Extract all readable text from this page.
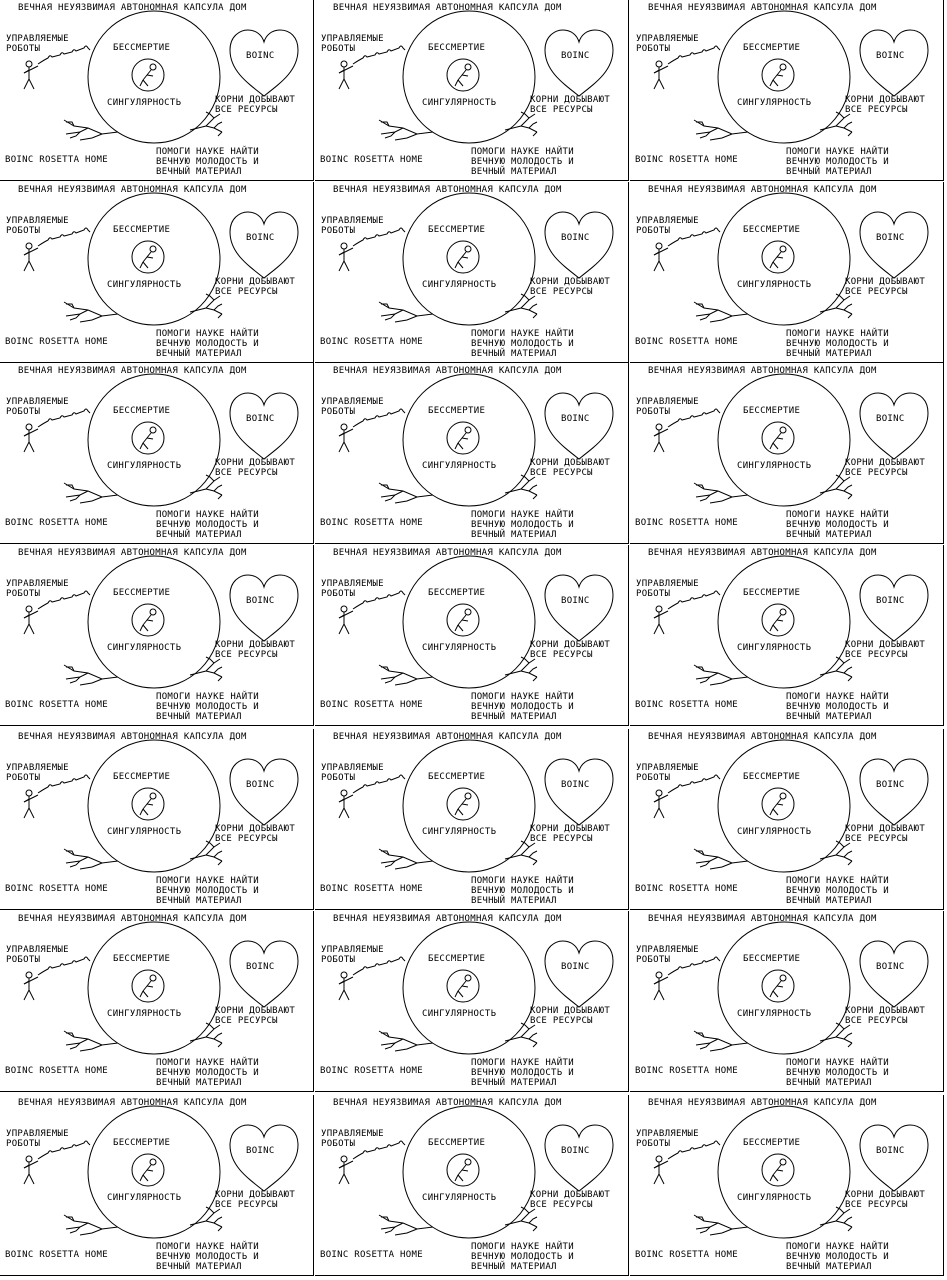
ВЕЧНАЯ НЕУЯЗВИМАЯ АВТОНОМНАЯ КАПСУЛА ДОМ
УПРАВЛЯЕМЫЕ
РОБОТЫ	БЕССМЕРТИЕ
СИНГУЛЯРНОСТЬ
BOINC
КОРНИ ДОБЫВАЮТ
ВСЕ РЕСУРСЫ
BOINC ROSETTA HOME
ПОМОГИ НАУКЕ НАЙТИ
ВЕЧНУЮ МОЛОДОСТЬ И
ВЕЧНЫЙ МАТЕРИАЛ
ВЕЧНАЯ НЕУЯЗВИМАЯ АВТОНОМНАЯ КАПСУЛА ДОМ
УПРАВЛЯЕМЫЕ
РОБОТЫ	БЕССМЕРТИЕ
СИНГУЛЯРНОСТЬ
BOINC
КОРНИ ДОБЫВАЮТ
ВСЕ РЕСУРСЫ
BOINC ROSETTA HOME
ПОМОГИ НАУКЕ НАЙТИ
ВЕЧНУЮ МОЛОДОСТЬ И
ВЕЧНЫЙ МАТЕРИАЛ
ВЕЧНАЯ НЕУЯЗВИМАЯ АВТОНОМНАЯ КАПСУЛА ДОМ
УПРАВЛЯЕМЫЕ
РОБОТЫ	БЕССМЕРТИЕ
СИНГУЛЯРНОСТЬ
BOINC
КОРНИ ДОБЫВАЮТ
ВСЕ РЕСУРСЫ
BOINC ROSETTA HOME
ПОМОГИ НАУКЕ НАЙТИ
ВЕЧНУЮ МОЛОДОСТЬ И
ВЕЧНЫЙ МАТЕРИАЛ
ВЕЧНАЯ НЕУЯЗВИМАЯ АВТОНОМНАЯ КАПСУЛА ДОМ
УПРАВЛЯЕМЫЕ
РОБОТЫ	БЕССМЕРТИЕ
СИНГУЛЯРНОСТЬ
BOINC
КОРНИ ДОБЫВАЮТ
ВСЕ РЕСУРСЫ
BOINC ROSETTA HOME
ПОМОГИ НАУКЕ НАЙТИ
ВЕЧНУЮ МОЛОДОСТЬ И
ВЕЧНЫЙ МАТЕРИАЛ
ВЕЧНАЯ НЕУЯЗВИМАЯ АВТОНОМНАЯ КАПСУЛА ДОМ
УПРАВЛЯЕМЫЕ
РОБОТЫ	БЕССМЕРТИЕ
СИНГУЛЯРНОСТЬ
BOINC
КОРНИ ДОБЫВАЮТ
ВСЕ РЕСУРСЫ
BOINC ROSETTA HOME
ПОМОГИ НАУКЕ НАЙТИ
ВЕЧНУЮ МОЛОДОСТЬ И
ВЕЧНЫЙ МАТЕРИАЛ
ВЕЧНАЯ НЕУЯЗВИМАЯ АВТОНОМНАЯ КАПСУЛА ДОМ
УПРАВЛЯЕМЫЕ
РОБОТЫ	БЕССМЕРТИЕ
СИНГУЛЯРНОСТЬ
BOINC
КОРНИ ДОБЫВАЮТ
ВСЕ РЕСУРСЫ
BOINC ROSETTA HOME
ПОМОГИ НАУКЕ НАЙТИ
ВЕЧНУЮ МОЛОДОСТЬ И
ВЕЧНЫЙ МАТЕРИАЛ
ВЕЧНАЯ НЕУЯЗВИМАЯ АВТОНОМНАЯ КАПСУЛА ДОМ
УПРАВЛЯЕМЫЕ
РОБОТЫ	БЕССМЕРТИЕ
СИНГУЛЯРНОСТЬ
BOINC
КОРНИ ДОБЫВАЮТ
ВСЕ РЕСУРСЫ
BOINC ROSETTA HOME
ПОМОГИ НАУКЕ НАЙТИ
ВЕЧНУЮ МОЛОДОСТЬ И
ВЕЧНЫЙ МАТЕРИАЛ
ВЕЧНАЯ НЕУЯЗВИМАЯ АВТОНОМНАЯ КАПСУЛА ДОМ
УПРАВЛЯЕМЫЕ
РОБОТЫ	БЕССМЕРТИЕ
СИНГУЛЯРНОСТЬ
BOINC
КОРНИ ДОБЫВАЮТ
ВСЕ РЕСУРСЫ
BOINC ROSETTA HOME
ПОМОГИ НАУКЕ НАЙТИ
ВЕЧНУЮ МОЛОДОСТЬ И
ВЕЧНЫЙ МАТЕРИАЛ
ВЕЧНАЯ НЕУЯЗВИМАЯ АВТОНОМНАЯ КАПСУЛА ДОМ
УПРАВЛЯЕМЫЕ
РОБОТЫ	БЕССМЕРТИЕ
СИНГУЛЯРНОСТЬ
BOINC
КОРНИ ДОБЫВАЮТ
ВСЕ РЕСУРСЫ
BOINC ROSETTA HOME
ПОМОГИ НАУКЕ НАЙТИ
ВЕЧНУЮ МОЛОДОСТЬ И
ВЕЧНЫЙ МАТЕРИАЛ
ВЕЧНАЯ НЕУЯЗВИМАЯ АВТОНОМНАЯ КАПСУЛА ДОМ
УПРАВЛЯЕМЫЕ
РОБОТЫ	БЕССМЕРТИЕ
СИНГУЛЯРНОСТЬ
BOINC
КОРНИ ДОБЫВАЮТ
ВСЕ РЕСУРСЫ
BOINC ROSETTA HOME
ПОМОГИ НАУКЕ НАЙТИ
ВЕЧНУЮ МОЛОДОСТЬ И
ВЕЧНЫЙ МАТЕРИАЛ
ВЕЧНАЯ НЕУЯЗВИМАЯ АВТОНОМНАЯ КАПСУЛА ДОМ
УПРАВЛЯЕМЫЕ
РОБОТЫ	БЕССМЕРТИЕ
СИНГУЛЯРНОСТЬ
BOINC
КОРНИ ДОБЫВАЮТ
ВСЕ РЕСУРСЫ
BOINC ROSETTA HOME
ПОМОГИ НАУКЕ НАЙТИ
ВЕЧНУЮ МОЛОДОСТЬ И
ВЕЧНЫЙ МАТЕРИАЛ
ВЕЧНАЯ НЕУЯЗВИМАЯ АВТОНОМНАЯ КАПСУЛА ДОМ
УПРАВЛЯЕМЫЕ
РОБОТЫ	БЕССМЕРТИЕ
СИНГУЛЯРНОСТЬ
BOINC
КОРНИ ДОБЫВАЮТ
ВСЕ РЕСУРСЫ
BOINC ROSETTA HOME
ПОМОГИ НАУКЕ НАЙТИ
ВЕЧНУЮ МОЛОДОСТЬ И
ВЕЧНЫЙ МАТЕРИАЛ
ВЕЧНАЯ НЕУЯЗВИМАЯ АВТОНОМНАЯ КАПСУЛА ДОМ
УПРАВЛЯЕМЫЕ
РОБОТЫ	БЕССМЕРТИЕ
СИНГУЛЯРНОСТЬ
BOINC
КОРНИ ДОБЫВАЮТ
ВСЕ РЕСУРСЫ
BOINC ROSETTA HOME
ПОМОГИ НАУКЕ НАЙТИ
ВЕЧНУЮ МОЛОДОСТЬ И
ВЕЧНЫЙ МАТЕРИАЛ
ВЕЧНАЯ НЕУЯЗВИМАЯ АВТОНОМНАЯ КАПСУЛА ДОМ
УПРАВЛЯЕМЫЕ
РОБОТЫ	БЕССМЕРТИЕ
СИНГУЛЯРНОСТЬ
BOINC
КОРНИ ДОБЫВАЮТ
ВСЕ РЕСУРСЫ
BOINC ROSETTA HOME
ПОМОГИ НАУКЕ НАЙТИ
ВЕЧНУЮ МОЛОДОСТЬ И
ВЕЧНЫЙ МАТЕРИАЛ
ВЕЧНАЯ НЕУЯЗВИМАЯ АВТОНОМНАЯ КАПСУЛА ДОМ
УПРАВЛЯЕМЫЕ
РОБОТЫ	БЕССМЕРТИЕ
СИНГУЛЯРНОСТЬ
BOINC
КОРНИ ДОБЫВАЮТ
ВСЕ РЕСУРСЫ
BOINC ROSETTA HOME
ПОМОГИ НАУКЕ НАЙТИ
ВЕЧНУЮ МОЛОДОСТЬ И
ВЕЧНЫЙ МАТЕРИАЛ
ВЕЧНАЯ НЕУЯЗВИМАЯ АВТОНОМНАЯ КАПСУЛА ДОМ
УПРАВЛЯЕМЫЕ
РОБОТЫ	БЕССМЕРТИЕ
СИНГУЛЯРНОСТЬ
BOINC
КОРНИ ДОБЫВАЮТ
ВСЕ РЕСУРСЫ
BOINC ROSETTA HOME
ПОМОГИ НАУКЕ НАЙТИ
ВЕЧНУЮ МОЛОДОСТЬ И
ВЕЧНЫЙ МАТЕРИАЛ
ВЕЧНАЯ НЕУЯЗВИМАЯ АВТОНОМНАЯ КАПСУЛА ДОМ
УПРАВЛЯЕМЫЕ
РОБОТЫ	БЕССМЕРТИЕ
СИНГУЛЯРНОСТЬ
BOINC
КОРНИ ДОБЫВАЮТ
ВСЕ РЕСУРСЫ
BOINC ROSETTA HOME
ПОМОГИ НАУКЕ НАЙТИ
ВЕЧНУЮ МОЛОДОСТЬ И
ВЕЧНЫЙ МАТЕРИАЛ
ВЕЧНАЯ НЕУЯЗВИМАЯ АВТОНОМНАЯ КАПСУЛА ДОМ
УПРАВЛЯЕМЫЕ
РОБОТЫ	БЕССМЕРТИЕ
СИНГУЛЯРНОСТЬ
BOINC
КОРНИ ДОБЫВАЮТ
ВСЕ РЕСУРСЫ
BOINC ROSETTA HOME
ПОМОГИ НАУКЕ НАЙТИ
ВЕЧНУЮ МОЛОДОСТЬ И
ВЕЧНЫЙ МАТЕРИАЛ
ВЕЧНАЯ НЕУЯЗВИМАЯ АВТОНОМНАЯ КАПСУЛА ДОМ
УПРАВЛЯЕМЫЕ
РОБОТЫ	БЕССМЕРТИЕ
СИНГУЛЯРНОСТЬ
BOINC
КОРНИ ДОБЫВАЮТ
ВСЕ РЕСУРСЫ
BOINC ROSETTA HOME
ПОМОГИ НАУКЕ НАЙТИ
ВЕЧНУЮ МОЛОДОСТЬ И
ВЕЧНЫЙ МАТЕРИАЛ
ВЕЧНАЯ НЕУЯЗВИМАЯ АВТОНОМНАЯ КАПСУЛА ДОМ
УПРАВЛЯЕМЫЕ
РОБОТЫ	БЕССМЕРТИЕ
СИНГУЛЯРНОСТЬ
BOINC
КОРНИ ДОБЫВАЮТ
ВСЕ РЕСУРСЫ
BOINC ROSETTA HOME
ПОМОГИ НАУКЕ НАЙТИ
ВЕЧНУЮ МОЛОДОСТЬ И
ВЕЧНЫЙ МАТЕРИАЛ
ВЕЧНАЯ НЕУЯЗВИМАЯ АВТОНОМНАЯ КАПСУЛА ДОМ
УПРАВЛЯЕМЫЕ
РОБОТЫ	БЕССМЕРТИЕ
СИНГУЛЯРНОСТЬ
BOINC
КОРНИ ДОБЫВАЮТ
ВСЕ РЕСУРСЫ
BOINC ROSETTA HOME
ПОМОГИ НАУКЕ НАЙТИ
ВЕЧНУЮ МОЛОДОСТЬ И
ВЕЧНЫЙ МАТЕРИАЛ
